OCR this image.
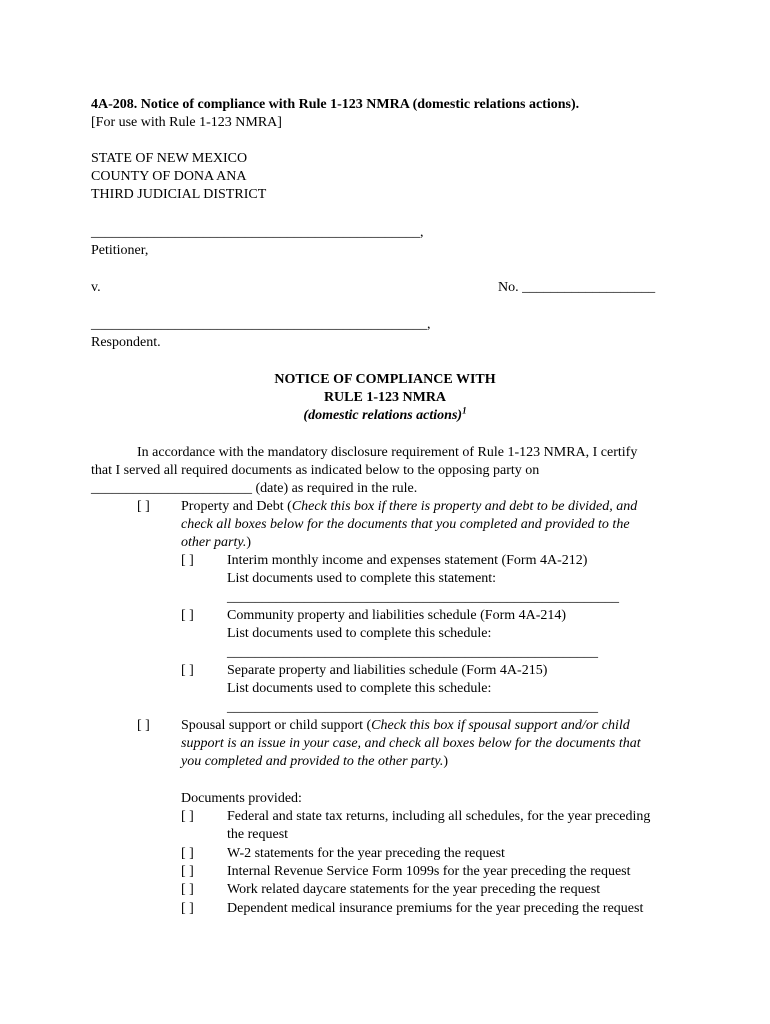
4A-208. Notice of compliance with Rule 1-123 NMRA (domestic relations actions).
[For use with Rule 1-123 NMRA]
STATE OF NEW MEXICO
COUNTY OF DONA ANA
THIRD JUDICIAL DISTRICT
_______________________________________________,
Petitioner,
v.	No. ___________________
________________________________________________,
Respondent.
NOTICE OF COMPLIANCE WITH
RULE 1-123 NMRA
(domestic relations actions)$^1$
In accordance with the mandatory disclosure requirement of Rule 1-123 NMRA, I certify
that I served all required documents as indicated below to the opposing party on
_______________________ (date) as required in the rule.
[ ] Property and Debt (Check this box if there is property and debt to be divided, and
check all boxes below for the documents that you completed and provided to the
other party.)
[ ] Interim monthly income and expenses statement (Form 4A-212)
List documents used to complete this statement:
________________________________________________________
[ ] Community property and liabilities schedule (Form 4A-214)
List documents used to complete this schedule:
_____________________________________________________
[ ] Separate property and liabilities schedule (Form 4A-215)
List documents used to complete this schedule:
_____________________________________________________
[ ] Spousal support or child support (Check this box if spousal support and/or child
support is an issue in your case, and check all boxes below for the documents that
you completed and provided to the other party.)
Documents provided:
[ ] Federal and state tax returns, including all schedules, for the year preceding
the request
[ ] W-2 statements for the year preceding the request
[ ] Internal Revenue Service Form 1099s for the year preceding the request
[ ] Work related daycare statements for the year preceding the request
[ ] Dependent medical insurance premiums for the year preceding the request
